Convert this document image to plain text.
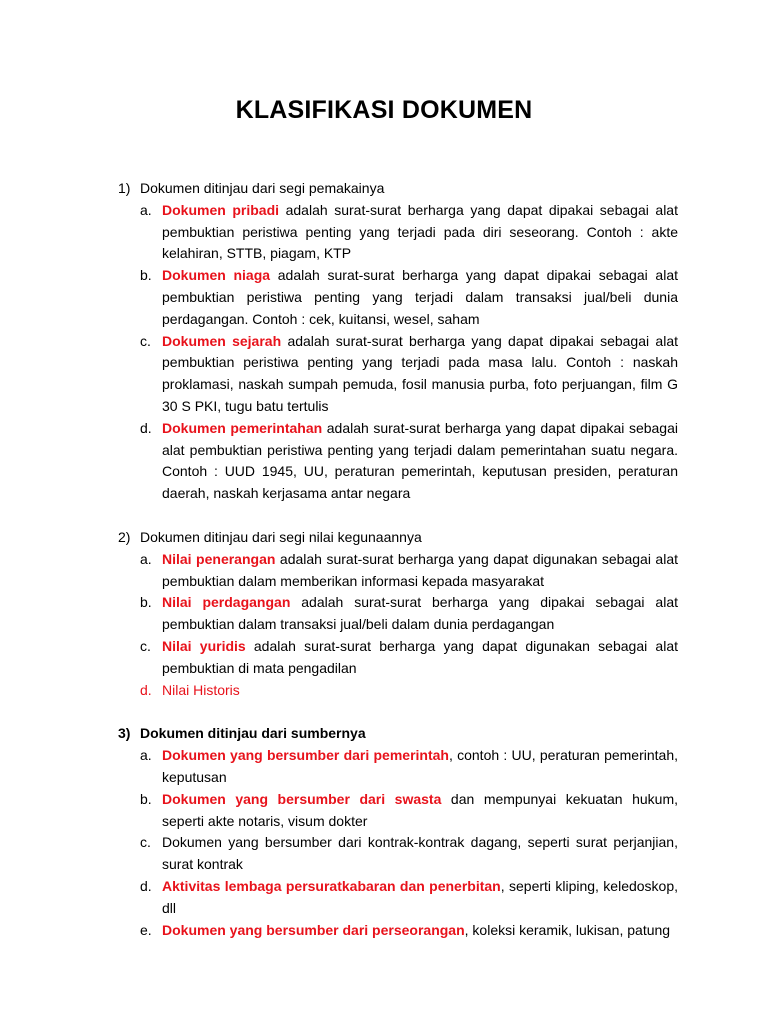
KLASIFIKASI DOKUMEN
1) Dokumen ditinjau dari segi pemakainya
a. Dokumen pribadi adalah surat-surat berharga yang dapat dipakai sebagai alat pembuktian peristiwa penting yang terjadi pada diri seseorang. Contoh : akte kelahiran, STTB, piagam, KTP
b. Dokumen niaga adalah surat-surat berharga yang dapat dipakai sebagai alat pembuktian peristiwa penting yang terjadi dalam transaksi jual/beli dunia perdagangan. Contoh : cek, kuitansi, wesel, saham
c. Dokumen sejarah adalah surat-surat berharga yang dapat dipakai sebagai alat pembuktian peristiwa penting yang terjadi pada masa lalu. Contoh : naskah proklamasi, naskah sumpah pemuda, fosil manusia purba, foto perjuangan, film G 30 S PKI, tugu batu tertulis
d. Dokumen pemerintahan adalah surat-surat berharga yang dapat dipakai sebagai alat pembuktian peristiwa penting yang terjadi dalam pemerintahan suatu negara. Contoh : UUD 1945, UU, peraturan pemerintah, keputusan presiden, peraturan daerah, naskah kerjasama antar negara
2) Dokumen ditinjau dari segi nilai kegunaannya
a. Nilai penerangan adalah surat-surat berharga yang dapat digunakan sebagai alat pembuktian dalam memberikan informasi kepada masyarakat
b. Nilai perdagangan adalah surat-surat berharga yang dipakai sebagai alat pembuktian dalam transaksi jual/beli dalam dunia perdagangan
c. Nilai yuridis adalah surat-surat berharga yang dapat digunakan sebagai alat pembuktian di mata pengadilan
d. Nilai Historis
3) Dokumen ditinjau dari sumbernya
a. Dokumen yang bersumber dari pemerintah, contoh : UU, peraturan pemerintah, keputusan
b. Dokumen yang bersumber dari swasta dan mempunyai kekuatan hukum, seperti akte notaris, visum dokter
c. Dokumen yang bersumber dari kontrak-kontrak dagang, seperti surat perjanjian, surat kontrak
d. Aktivitas lembaga persuratkabaran dan penerbitan, seperti kliping, keledoskop, dll
e. Dokumen yang bersumber dari perseorangan, koleksi keramik, lukisan, patung
